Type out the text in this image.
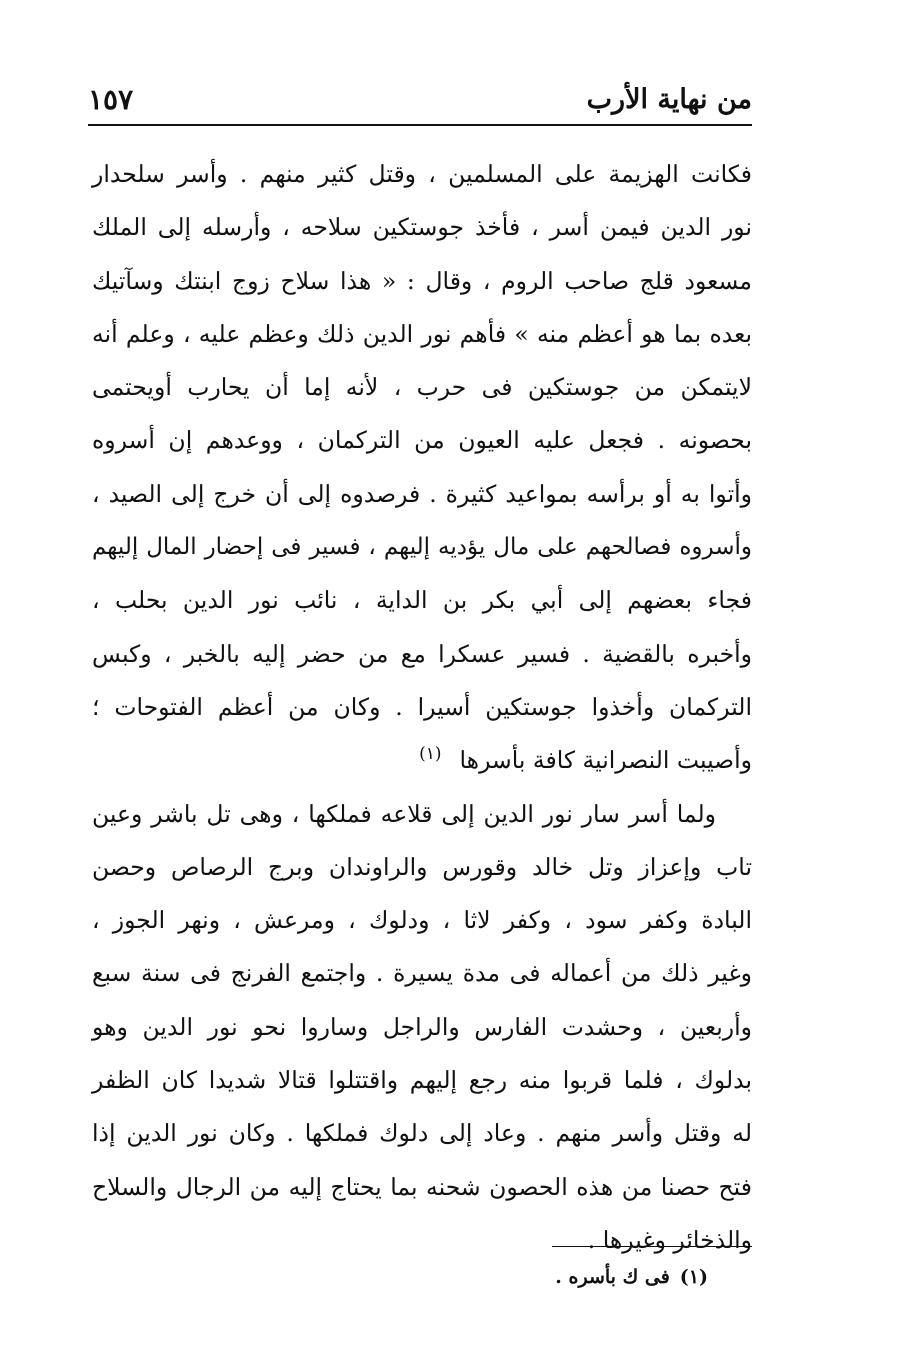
من نهاية الأرب
١٥٧
فكانت الهزيمة على المسلمين ، وقتل كثير منهم . وأسر سلحدار
نور الدين فيمن أسر ، فأخذ جوستكين سلاحه ، وأرسله إلى الملك
مسعود قلج صاحب الروم ، وقال : « هذا سلاح زوج ابنتك وسآتيك
بعده بما هو أعظم منه » فأهم نور الدين ذلك وعظم عليه ، وعلم أنه
لايتمكن من جوستكين فى حرب ، لأنه إما أن يحارب أويحتمى
بحصونه . فجعل عليه العيون من التركمان ، ووعدهم إن أسروه
وأتوا به أو برأسه بمواعيد كثيرة . فرصدوه إلى أن خرج إلى الصيد ،
وأسروه فصالحهم على مال يؤديه إليهم ، فسير فى إحضار المال إليهم
فجاء بعضهم إلى أبي بكر بن الداية ، نائب نور الدين بحلب ،
وأخبره بالقضية . فسير عسكرا مع من حضر إليه بالخبر ، وكبس
التركمان وأخذوا جوستكين أسيرا . وكان من أعظم الفتوحات ؛
وأصيبت النصرانية كافة بأسرها$^{(١)}$
ولما أسر سار نور الدين إلى قلاعه فملكها ، وهى تل باشر وعين
تاب وإعزاز وتل خالد وقورس والراوندان وبرج الرصاص وحصن
البادة وكفر سود ، وكفر لاثا ، ودلوك ، ومرعش ، ونهر الجوز ،
وغير ذلك من أعماله فى مدة يسيرة . واجتمع الفرنج فى سنة سبع
وأربعين ، وحشدت الفارس والراجل وساروا نحو نور الدين وهو
بدلوك ، فلما قربوا منه رجع إليهم واقتتلوا قتالا شديدا كان الظفر
له وقتل وأسر منهم . وعاد إلى دلوك فملكها . وكان نور الدين إذا
فتح حصنا من هذه الحصون شحنه بما يحتاج إليه من الرجال والسلاح
والذخائر وغيرها .
(١)فى ك بأسره .
